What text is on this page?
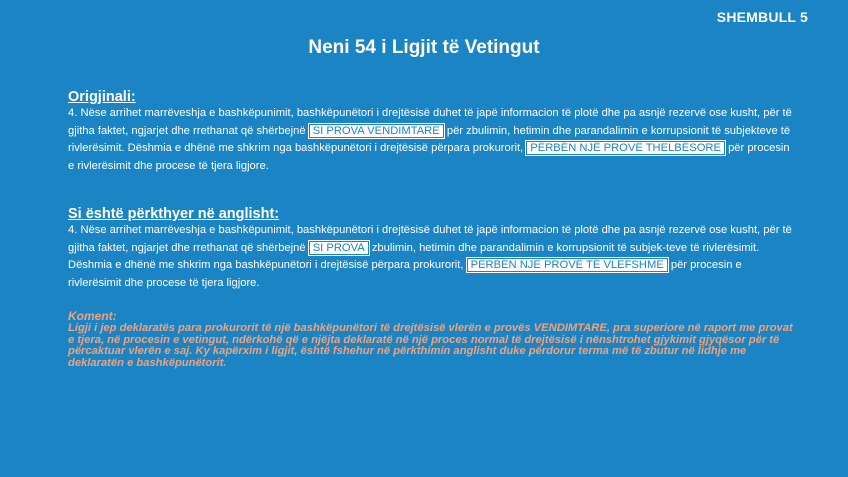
SHEMBULL 5
Neni 54 i Ligjit të Vetingut
Origjinali:
4. Nëse arrihet marrëveshja e bashkëpunimit, bashkëpunëtori i drejtësisë duhet të japë informacion të plotë dhe pa asnjë rezervë ose kusht, për të gjitha faktet, ngjarjet dhe rrethanat që shërbejnë SI PROVA VENDIMTARE për zbulimin, hetimin dhe parandalimin e korrupsionit të subjekteve të rivlerësimit. Dëshmia e dhënë me shkrim nga bashkëpunëtori i drejtësisë përpara prokurorit, PËRBËN NJË PROVË THELBËSORE për procesin e rivlerësimit dhe procese të tjera ligjore.
Si është përkthyer në anglisht:
4. Nëse arrihet marrëveshja e bashkëpunimit, bashkëpunëtori i drejtësisë duhet të japë informacion të plotë dhe pa asnjë rezervë ose kusht, për të gjitha faktet, ngjarjet dhe rrethanat që shërbejnë SI PROVA zbulimin, hetimin dhe parandalimin e korrupsionit të subjek-teve të rivlerësimit. Dëshmia e dhënë me shkrim nga bashkëpunëtori i drejtësisë përpara prokurorit, PËRBËN NJË PROVË TË VLEFSHME për procesin e rivlerësimit dhe procese të tjera ligjore.
Koment:
Ligji i jep deklaratës para prokurorit të një bashkëpunëtori të drejtësisë vlerën e provës VENDIMTARE, pra superiore në raport me provat e tjera, në procesin e vetingut, ndërkohë që e njëjta deklaratë në një proces normal të drejtësisë i nënshtrohet gjykimit gjyqësor për të përcaktuar vlerën e saj. Ky kapërxim i ligjit, është fshehur në përkthimin anglisht duke përdorur terma më të zbutur në lidhje me deklaratën e bashkëpunëtorit.
